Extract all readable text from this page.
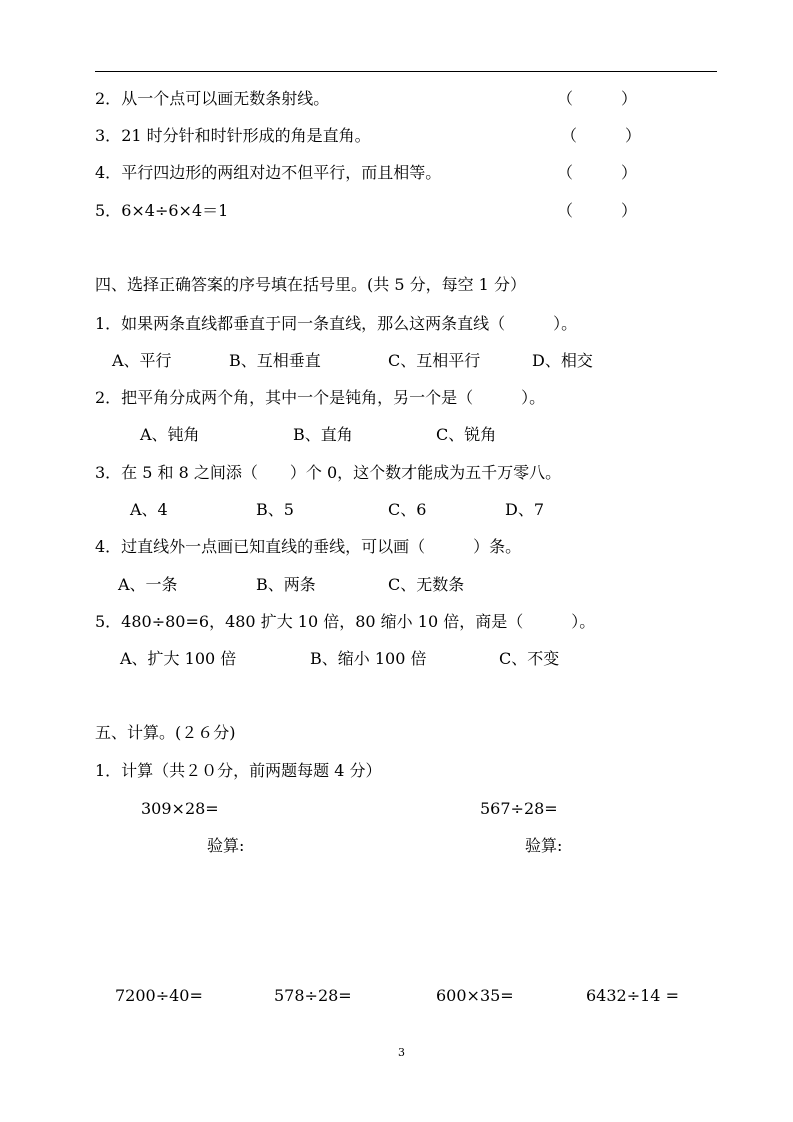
2．从一个点可以画无数条射线。	（　　　）
3．21 时分针和时针形成的角是直角。	（　　　）
4．平行四边形的两组对边不但平行，而且相等。	（　　　）
5．6×4÷6×4＝1	（　　　）
四、选择正确答案的序号填在括号里。(共 5 分，每空 1 分）
1．如果两条直线都垂直于同一条直线，那么这两条直线（　　　）。
A、平行	B、互相垂直	C、互相平行	D、相交
2．把平角分成两个角，其中一个是钝角，另一个是（　　　）。
A、钝角	B、直角	C、锐角
3．在 5 和 8 之间添（　　）个 0，这个数才能成为五千万零八。
A、4	B、5	C、6	D、7
4．过直线外一点画已知直线的垂线，可以画（　　　）条。
A、一条	B、两条	C、无数条
5．480÷80=6，480 扩大 10 倍，80 缩小 10 倍，商是（　　　）。
A、扩大 100 倍	B、缩小 100 倍	C、不变
五、计算。(２６分)
1．计算（共２０分，前两题每题 4 分）
309×28=	567÷28=
验算:	验算:
7200÷40=	578÷28=	600×35=	6432÷14 =
3
